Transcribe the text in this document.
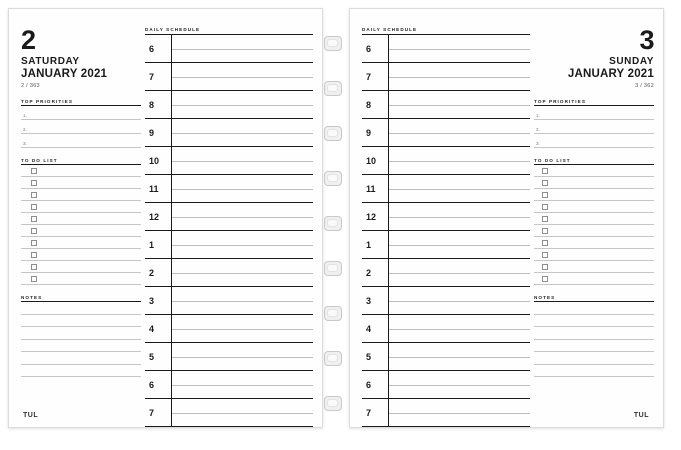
2
SATURDAY
JANUARY 2021
2 / 363
TOP PRIORITIES
1.
2.
3.
TO DO LIST
NOTES
DAILY SCHEDULE
6
7
8
9
10
11
12
1
2
3
4
5
6
7
TUL
DAILY SCHEDULE
6
7
8
9
10
11
12
1
2
3
4
5
6
7
3
SUNDAY
JANUARY 2021
3 / 362
TOP PRIORITIES
1.
2.
3.
TO DO LIST
NOTES
TUL
